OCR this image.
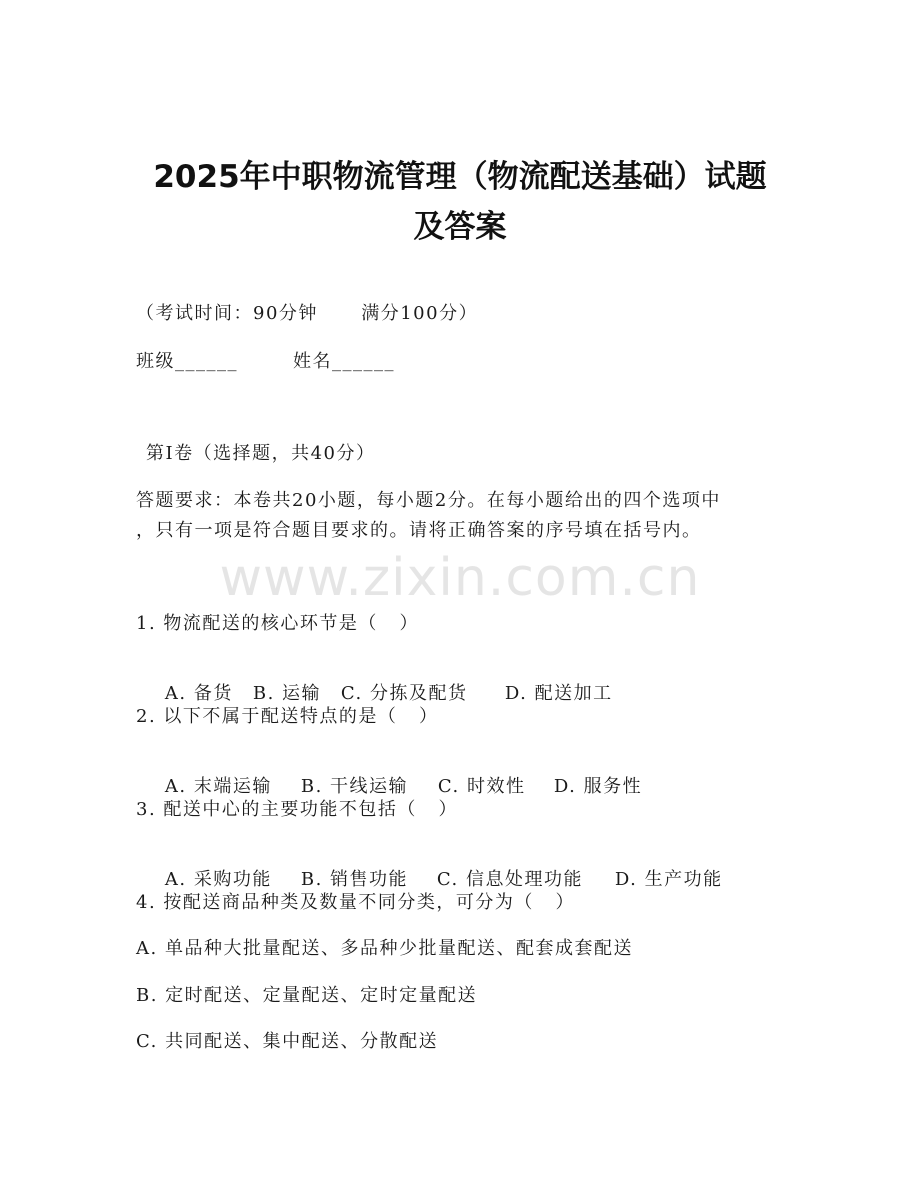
2025年中职物流管理（物流配送基础）试题
及答案
（考试时间：90分钟      满分100分）
班级______	姓名______
第Ⅰ卷（选择题，共40分）
答题要求：本卷共20小题，每小题2分。在每小题给出的四个选项中
，只有一项是符合题目要求的。请将正确答案的序号填在括号内。
www.zixin.com.cn
1. 物流配送的核心环节是（   ）

A. 备货 B. 运输 C. 分拣及配货 D. 配送加工

2. 以下不属于配送特点的是（   ）

A. 末端运输 B. 干线运输 C. 时效性 D. 服务性

3. 配送中心的主要功能不包括（   ）

A. 采购功能 B. 销售功能 C. 信息处理功能 D. 生产功能

4. 按配送商品种类及数量不同分类，可分为（   ）
A. 单品种大批量配送、多品种少批量配送、配套成套配送
B. 定时配送、定量配送、定时定量配送
C. 共同配送、集中配送、分散配送
